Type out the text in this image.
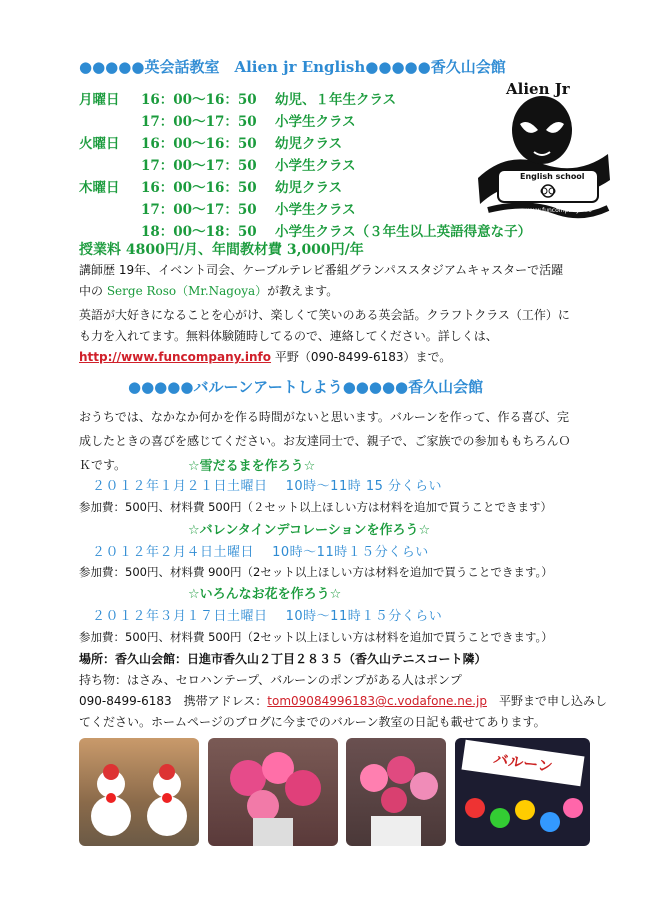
●●●●●英会話教室　Alien jr English●●●●●香久山会館
月曜日 16：00〜16：50 幼児、１年生クラス
17：00〜17：50 小学生クラス
火曜日 16：00〜16：50 幼児クラス
17：00〜17：50 小学生クラス
木曜日 16：00〜16：50 幼児クラス
17：00〜17：50 小学生クラス
18：00〜18：50 小学生クラス（３年生以上英語得意な子）
Alien Jr
English school
www.funcompany.info
授業料 4800円/月、年間教材費 3,000円/年
講師歴 19年、イベント司会、ケーブルテレビ番組グランパススタジアムキャスターで活躍
中の Serge Roso（Mr.Nagoya）が教えます。
英語が大好きになることを心がけ、楽しくて笑いのある英会話。クラフトクラス（工作）に
も力を入れてます。無料体験随時してるので、連絡してください。詳しくは、
http://www.funcompany.info 平野（090-8499-6183）まで。
●●●●●バルーンアートしよう●●●●●香久山会館
おうちでは、なかなか何かを作る時間がないと思います。バルーンを作って、作る喜び、完
成したときの喜びを感じてください。お友達同士で、親子で、ご家族での参加ももちろんＯ
Ｋです。	☆雪だるまを作ろう☆
２０１２年１月２１日土曜日　 10時〜11時 15 分くらい
参加費：500円、材料費 500円（２セット以上ほしい方は材料を追加で買うことできます）
☆バレンタインデコレーションを作ろう☆
２０１２年２月４日土曜日　 10時〜11時１５分くらい
参加費：500円、材料費 900円（2セット以上ほしい方は材料を追加で買うことできます。）
☆いろんなお花を作ろう☆
２０１２年３月１７日土曜日　 10時〜11時１５分くらい
参加費：500円、材料費 500円（2セット以上ほしい方は材料を追加で買うことできます。）
場所：香久山会館：日進市香久山２丁目２８３５（香久山テニスコート隣）
持ち物：はさみ、セロハンテープ、バルーンのポンプがある人はポンプ
090-8499-6183　携帯アドレス：tom09084996183@c.vodafone.ne.jp　平野まで申し込みし
てください。ホームページのブログに今までのバルーン教室の日記も載せてあります。
バルーン
